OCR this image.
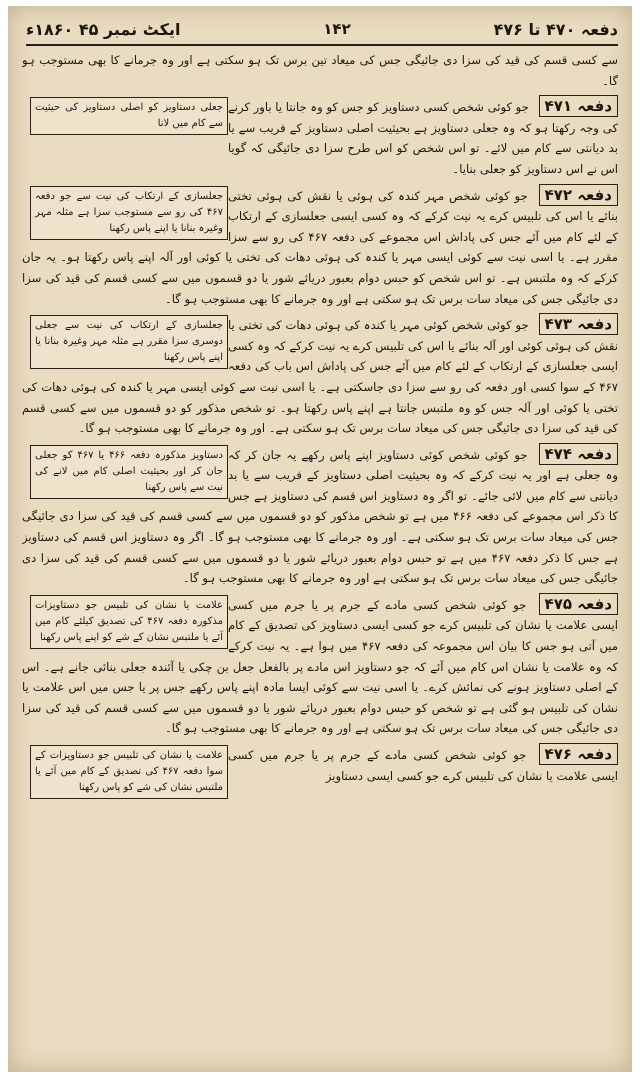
دفعہ ۴۷۰ تا ۴۷۶
۱۴۲
ایکٹ نمبر ۴۵ ۱۸۶۰ء

سے کسی قسم کی قید کی سزا دی جائیگی جس کی میعاد تین برس تک ہو سکتی ہے اور وہ جرمانے کا بھی مستوجب ہو گا۔

جعلی دستاویز کو اصلی دستاویز کی حیثیت سے کام میں لانا
دفعہ ۴۷۱ جو کوئی شخص کسی دستاویز کو جس کو وہ جانتا یا باور کرنے کی وجہ رکھتا ہو کہ وہ جعلی دستاویز ہے بحیثیت اصلی دستاویز کے فریب سے یا بد دیانتی سے کام میں لائے۔ تو اس شخص کو اس طرح سزا دی جائیگی کہ گویا اس نے اس دستاویز کو جعلی بنایا۔
جعلسازی کے ارتکاب کی نیت سے جو دفعہ ۴۶۷ کی رو سے مستوجب سزا ہے مثلہ مہر وغیرہ بنانا یا اپنے پاس رکھنا
دفعہ ۴۷۲ جو کوئی شخص مہر کندہ کی ہوئی یا نقش کی ہوئی تختی بنائے یا اس کی تلبیس کرے یہ نیت کرکے کہ وہ کسی ایسی جعلسازی کے ارتکاب کے لئے کام میں آئے جس کی پاداش اس مجموعے کی دفعہ ۴۶۷ کی رو سے سزا مقرر ہے۔ یا اسی نیت سے کوئی ایسی مہر یا کندہ کی ہوئی دھات کی تختی یا کوئی اور آلہ اپنے پاس رکھتا ہو۔ یہ جان کرکے کہ وہ ملتبس ہے۔ تو اس شخص کو حبس دوام بعبور دریائے شور یا دو قسموں میں سے کسی قسم کی قید کی سزا دی جائیگی جس کی میعاد سات برس تک ہو سکتی ہے اور وہ جرمانے کا بھی مستوجب ہو گا۔
جعلسازی کے ارتکاب کی نیت سے جعلی دوسری سزا مقرر ہے مثلہ مہر وغیرہ بنانا یا اپنے پاس رکھنا
دفعہ ۴۷۳ جو کوئی شخص کوئی مہر یا کندہ کی ہوئی دھات کی تختی یا نقش کی ہوئی کوئی اور آلہ بنائے یا اس کی تلبیس کرے یہ نیت کرکے کہ وہ کسی ایسی جعلسازی کے ارتکاب کے لئے کام میں آئے جس کی پاداش اس باب کی دفعہ ۴۶۷ کے سوا کسی اور دفعہ کی رو سے سزا دی جاسکتی ہے۔ یا اسی نیت سے کوئی ایسی مہر یا کندہ کی ہوئی دھات کی تختی یا کوئی اور آلہ جس کو وہ ملتبس جانتا ہے اپنے پاس رکھتا ہو۔ تو شخص مذکور کو دو قسموں میں سے کسی قسم کی قید کی سزا دی جائیگی جس کی میعاد سات برس تک ہو سکتی ہے۔ اور وہ جرمانے کا بھی مستوجب ہو گا۔
دستاویز مذکورہ دفعہ ۴۶۶ یا ۴۶۷ کو جعلی جان کر اور بحیثیت اصلی کام میں لانے کی نیت سے پاس رکھنا
دفعہ ۴۷۴ جو کوئی شخص کوئی دستاویز اپنے پاس رکھے یہ جان کر کہ وہ جعلی ہے اور یہ نیت کرکے کہ وہ بحیثیت اصلی دستاویز کے فریب سے یا بد دیانتی سے کام میں لائی جائے۔ تو اگر وہ دستاویز اس قسم کی دستاویز ہے جس کا ذکر اس مجموعے کی دفعہ ۴۶۶ میں ہے تو شخص مذکور کو دو قسموں میں سے کسی قسم کی قید کی سزا دی جائیگی جس کی میعاد سات برس تک ہو سکتی ہے۔ اور وہ جرمانے کا بھی مستوجب ہو گا۔ اگر وہ دستاویز اس قسم کی دستاویز ہے جس کا ذکر دفعہ ۴۶۷ میں ہے تو حبس دوام بعبور دریائے شور یا دو قسموں میں سے کسی قسم کی قید کی سزا دی جائیگی جس کی میعاد سات برس تک ہو سکتی ہے اور وہ جرمانے کا بھی مستوجب ہو گا۔
علامت یا نشان کی تلبیس جو دستاویزات مذکورہ دفعہ ۴۶۷ کی تصدیق کیلئے کام میں آئے یا ملتبس نشان کے شے کو اپنے پاس رکھنا
دفعہ ۴۷۵ جو کوئی شخص کسی مادے کے جرم پر یا جرم میں کسی ایسی علامت یا نشان کی تلبیس کرے جو کسی ایسی دستاویز کی تصدیق کے کام میں آتی ہو جس کا بیان اس مجموعہ کی دفعہ ۴۶۷ میں ہوا ہے۔ یہ نیت کرکے کہ وہ علامت یا نشان اس کام میں آئے کہ جو دستاویز اس مادے پر بالفعل جعل بن چکی یا آئندہ جعلی بنائی جانے ہے۔ اس کے اصلی دستاویز ہونے کی نمائش کرے۔ یا اسی نیت سے کوئی ایسا مادہ اپنے پاس رکھے جس پر یا جس میں اس علامت یا نشان کی تلبیس ہو گئی ہے تو شخص کو حبس دوام بعبور دریائے شور یا دو قسموں میں سے کسی قسم کی قید کی سزا دی جائیگی جس کی میعاد سات برس تک ہو سکتی ہے اور وہ جرمانے کا بھی مستوجب ہو گا۔
علامت یا نشان کی تلبیس جو دستاویزات کے سوا دفعہ ۴۶۷ کی تصدیق کے کام میں آئے یا ملتبس نشان کی شے کو پاس رکھنا
دفعہ ۴۷۶ جو کوئی شخص کسی مادے کے جرم پر یا جرم میں کسی ایسی علامت یا نشان کی تلبیس کرے جو کسی ایسی دستاویز
